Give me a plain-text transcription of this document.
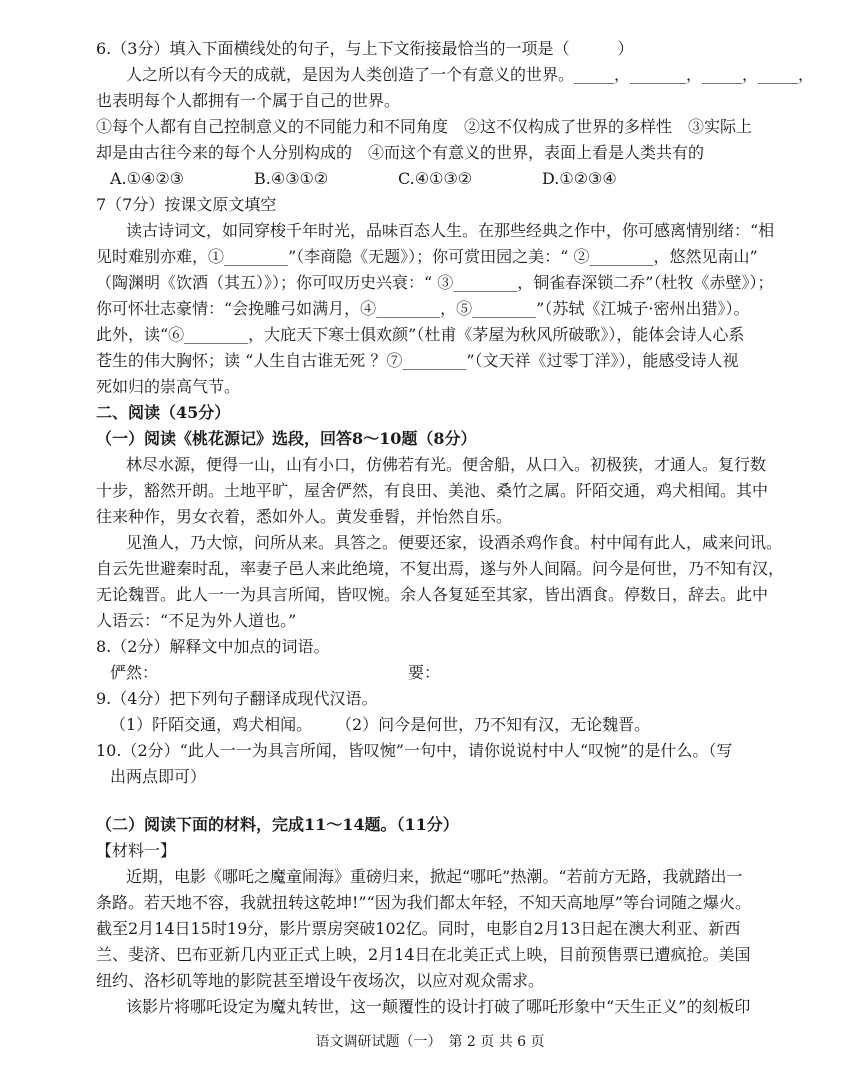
6.（3分）填入下面横线处的句子，与上下文衔接最恰当的一项是（　　　）
人之所以有今天的成就，是因为人类创造了一个有意义的世界。_____，_______，_____，_____，
也表明每个人都拥有一个属于自己的世界。
①每个人都有自己控制意义的不同能力和不同角度　②这不仅构成了世界的多样性　③实际上
却是由古往今来的每个人分别构成的　④而这个有意义的世界，表面上看是人类共有的
A.①④②③	B.④③①②	C.④①③②	D.①②③④
7（7分）按课文原文填空
读古诗词文，如同穿梭千年时光，品味百态人生。在那些经典之作中，你可感离情别绪：“相
见时难别亦难，①________”（李商隐《无题》）；你可赏田园之美：“ ②________，悠然见南山”
（陶渊明《饮酒（其五）》）；你可叹历史兴衰：“ ③________，铜雀春深锁二乔”（杜牧《赤壁》）；
你可怀壮志豪情：“会挽雕弓如满月，④________，⑤________”（苏轼《江城子·密州出猎》）。
此外，读“⑥________，大庇天下寒士俱欢颜”（杜甫《茅屋为秋风所破歌》），能体会诗人心系
苍生的伟大胸怀；读 “人生自古谁无死 ？⑦________”（文天祥《过零丁洋》），能感受诗人视
死如归的崇高气节。
二、阅读（45分）
（一）阅读《桃花源记》选段，回答8～10题（8分）
林尽水源，便得一山，山有小口，仿佛若有光。便舍船，从口入。初极狭，才通人。复行数
十步，豁然开朗。土地平旷，屋舍俨然，有良田、美池、桑竹之属。阡陌交通，鸡犬相闻。其中
往来种作，男女衣着，悉如外人。黄发垂髫，并怡然自乐。
见渔人，乃大惊，问所从来。具答之。便要还家，设酒杀鸡作食。村中闻有此人，咸来问讯。
自云先世避秦时乱，率妻子邑人来此绝境，不复出焉，遂与外人间隔。问今是何世，乃不知有汉，
无论魏晋。此人一一为具言所闻，皆叹惋。余人各复延至其家，皆出酒食。停数日，辞去。此中
人语云：“不足为外人道也。”
8.（2分）解释文中加点的词语。
俨然：	要：
9.（4分）把下列句子翻译成现代汉语。
（1）阡陌交通，鸡犬相闻。 （2）问今是何世，乃不知有汉，无论魏晋。
10.（2分）“此人一一为具言所闻，皆叹惋”一句中，请你说说村中人“叹惋”的是什么。（写
出两点即可）
（二）阅读下面的材料，完成11～14题。（11分）
【材料一】
近期，电影《哪吒之魔童闹海》重磅归来，掀起“哪吒”热潮。“若前方无路，我就踏出一
条路。若天地不容，我就扭转这乾坤!”“因为我们都太年轻，不知天高地厚”等台词随之爆火。
截至2月14日15时19分，影片票房突破102亿。同时，电影自2月13日起在澳大利亚、新西
兰、斐济、巴布亚新几内亚正式上映，2月14日在北美正式上映，目前预售票已遭疯抢。美国
纽约、洛杉矶等地的影院甚至增设午夜场次，以应对观众需求。
该影片将哪吒设定为魔丸转世，这一颠覆性的设计打破了哪吒形象中“天生正义”的刻板印
语文调研试题（一）　第 2 页 共 6 页
